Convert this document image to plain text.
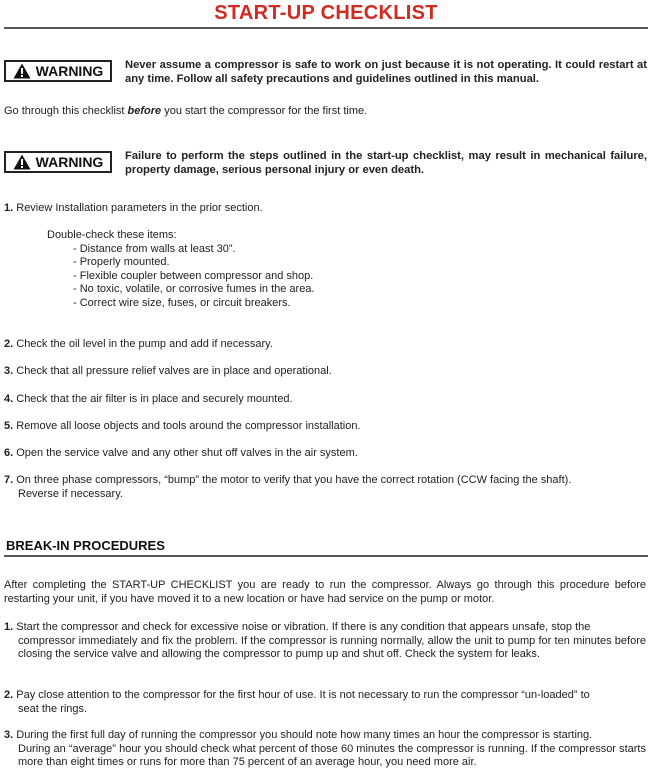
START-UP CHECKLIST
WARNING Never assume a compressor is safe to work on just because it is not operating. It could restart at any time. Follow all safety precautions and guidelines outlined in this manual.
Go through this checklist before you start the compressor for the first time.
WARNING Failure to perform the steps outlined in the start-up checklist, may result in mechanical failure, property damage, serious personal injury or even death.
1. Review Installation parameters in the prior section.
Double-check these items:
- Distance from walls at least 30”.
- Properly mounted.
- Flexible coupler between compressor and shop.
- No toxic, volatile, or corrosive fumes in the area.
- Correct wire size, fuses, or circuit breakers.
2. Check the oil level in the pump and add if necessary.
3. Check that all pressure relief valves are in place and operational.
4. Check that the air filter is in place and securely mounted.
5. Remove all loose objects and tools around the compressor installation.
6. Open the service valve and any other shut off valves in the air system.
7. On three phase compressors, “bump” the motor to verify that you have the correct rotation (CCW facing the shaft).
Reverse if necessary.
BREAK-IN PROCEDURES
After completing the START-UP CHECKLIST you are ready to run the compressor. Always go through this procedure before restarting your unit, if you have moved it to a new location or have had service on the pump or motor.
1. Start the compressor and check for excessive noise or vibration. If there is any condition that appears unsafe, stop the
compressor immediately and fix the problem. If the compressor is running normally, allow the unit to pump for ten minutes before closing the service valve and allowing the compressor to pump up and shut off. Check the system for leaks.
2. Pay close attention to the compressor for the first hour of use. It is not necessary to run the compressor “un-loaded” to
seat the rings.
3. During the first full day of running the compressor you should note how many times an hour the compressor is starting.
During an “average” hour you should check what percent of those 60 minutes the compressor is running. If the compressor starts more than eight times or runs for more than 75 percent of an average hour, you need more air.
